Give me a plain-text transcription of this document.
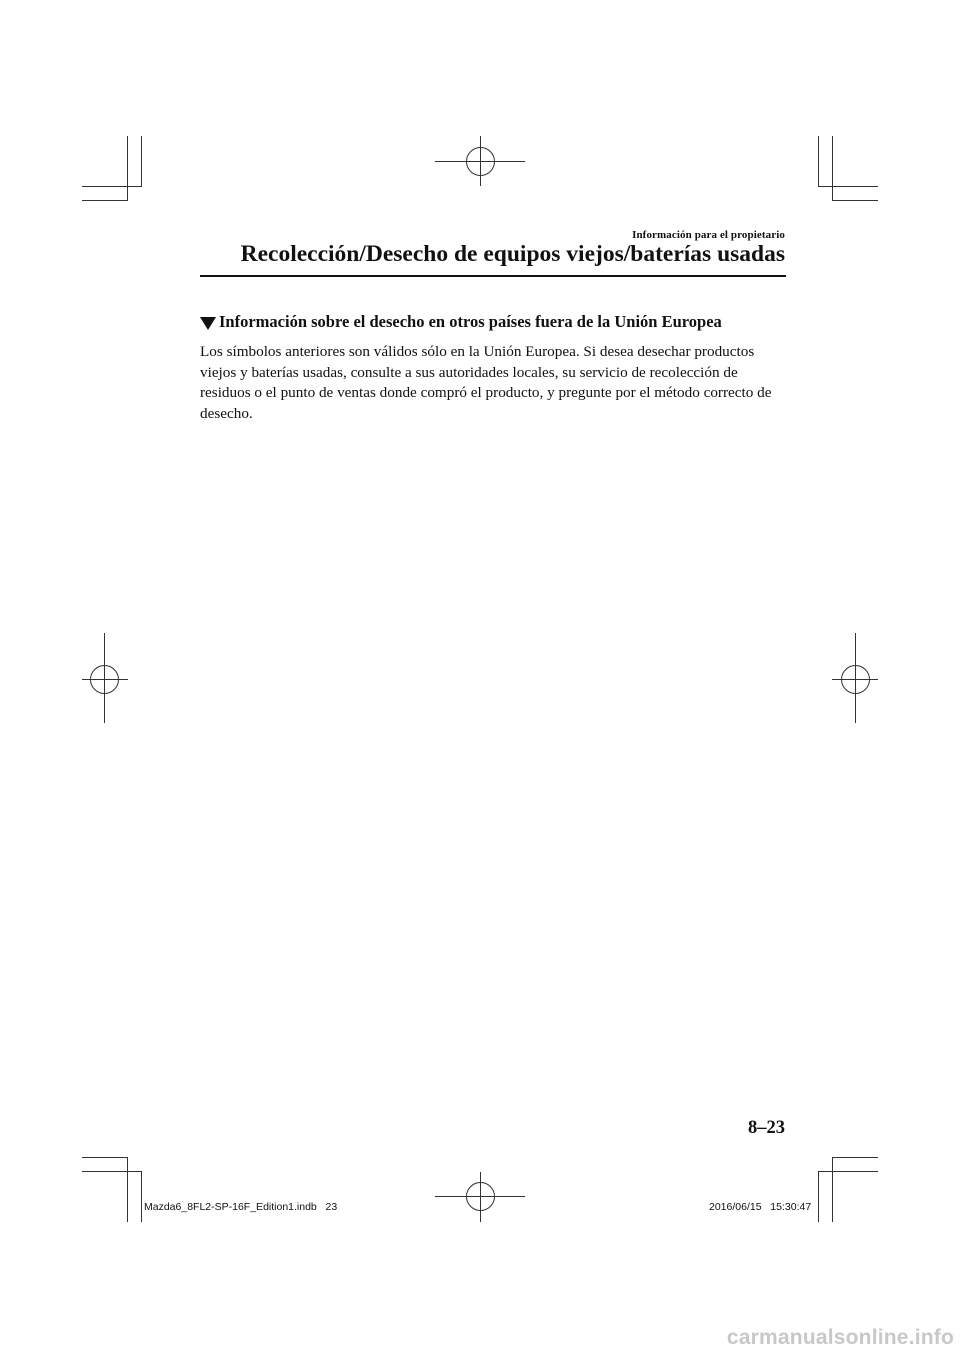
Información para el propietario
Recolección/Desecho de equipos viejos/baterías usadas
Información sobre el desecho en otros países fuera de la Unión Europea
Los símbolos anteriores son válidos sólo en la Unión Europea. Si desea desechar productos viejos y baterías usadas, consulte a sus autoridades locales, su servicio de recolección de residuos o el punto de ventas donde compró el producto, y pregunte por el método correcto de desecho.
8–23
Mazda6_8FL2-SP-16F_Edition1.indb   23	2016/06/15   15:30:47
carmanualsonline.info
